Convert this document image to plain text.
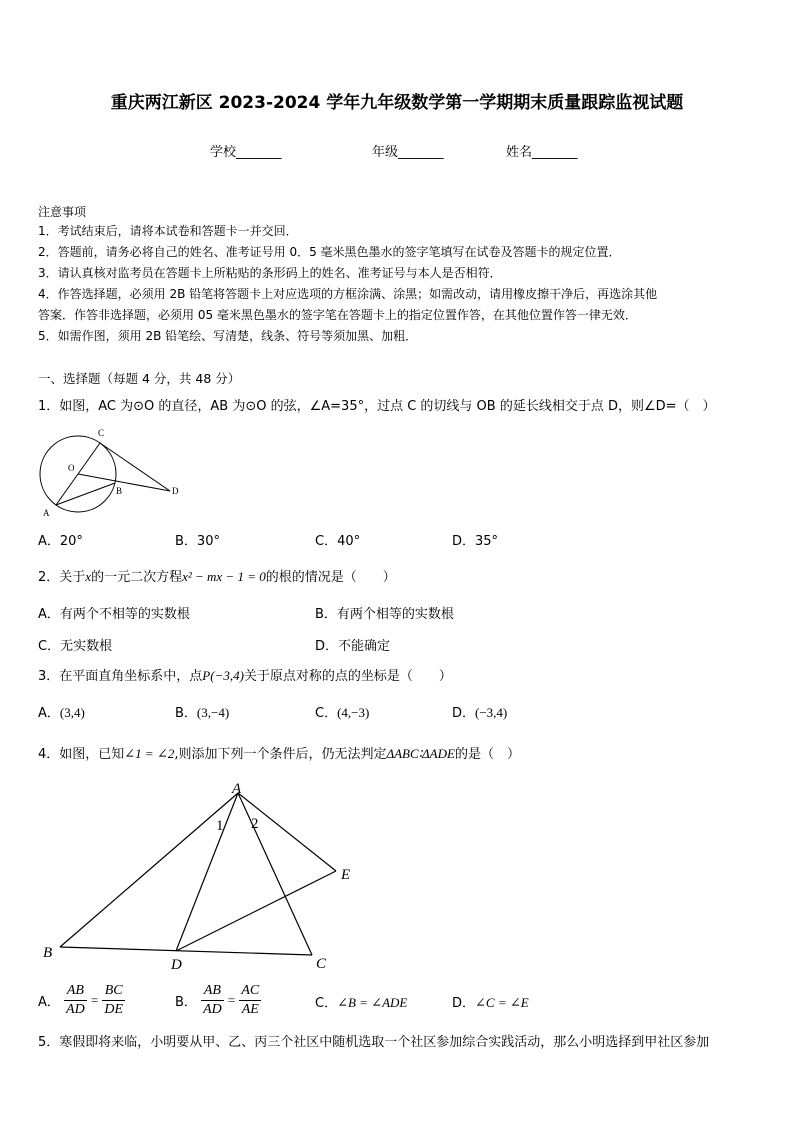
重庆两江新区 2023-2024 学年九年级数学第一学期期末质量跟踪监视试题
学校_______	年级_______	姓名_______
注意事项
1．考试结束后，请将本试卷和答题卡一并交回．
2．答题前，请务必将自己的姓名、准考证号用 0．5 毫米黑色墨水的签字笔填写在试卷及答题卡的规定位置．
3．请认真核对监考员在答题卡上所粘贴的条形码上的姓名、准考证号与本人是否相符．
4．作答选择题，必须用 2B 铅笔将答题卡上对应选项的方框涂满、涂黑；如需改动，请用橡皮擦干净后，再选涂其他
答案．作答非选择题，必须用 05 毫米黑色墨水的签字笔在答题卡上的指定位置作答，在其他位置作答一律无效．
5．如需作图，须用 2B 铅笔绘、写清楚，线条、符号等须加黑、加粗．
一、选择题（每题 4 分，共 48 分）
1．如图，AC 为⊙O 的直径，AB 为⊙O 的弦，∠A=35°，过点 C 的切线与 OB 的延长线相交于点 D，则∠D=（　）
C
O
B	D
A
A．20°	B．30°	C．40°	D．35°
2．关于x的一元二次方程x² − mx − 1 = 0的根的情况是（　　）
A．有两个不相等的实数根	B．有两个相等的实数根
C．无实数根	D．不能确定
3．在平面直角坐标系中，点P(−3,4)关于原点对称的点的坐标是（　　）
A．(3,4)	B．(3,−4)	C．(4,−3)	D．(−3,4)
4．如图，已知∠1 = ∠2,则添加下列一个条件后，仍无法判定ΔABC∶ΔADE的是（　）
A
1 2
E
B
D	C
A． $\frac{AB}{AD} = \frac{BC}{DE}$	B． $\frac{AB}{AD} = \frac{AC}{AE}$	C．∠B = ∠ADE	D．∠C = ∠E
5．寒假即将来临，小明要从甲、乙、丙三个社区中随机选取一个社区参加综合实践活动，那么小明选择到甲社区参加
